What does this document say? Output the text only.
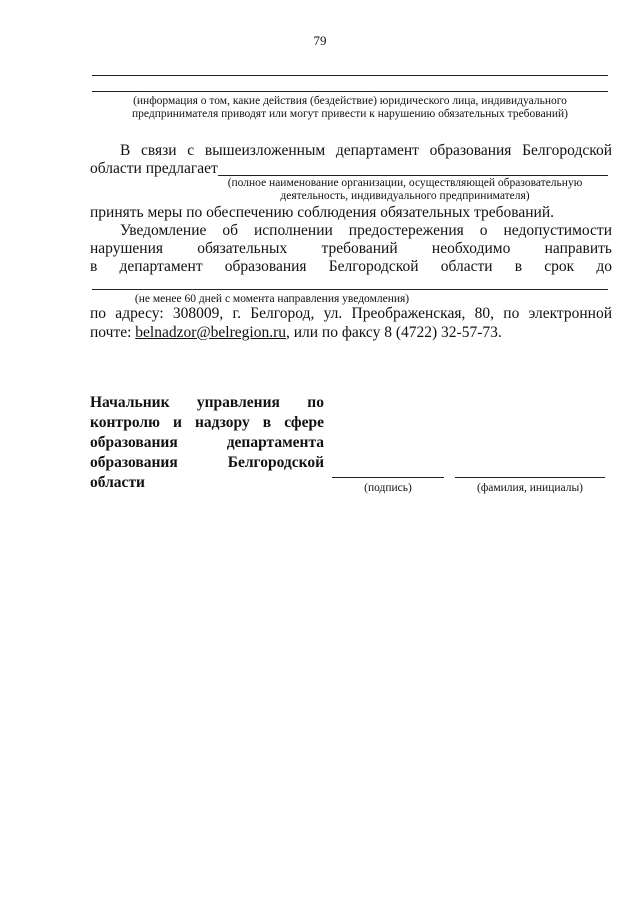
79
(информация о том, какие действия (бездействие) юридического лица, индивидуального
предпринимателя приводят или могут привести к нарушению обязательных требований)
В связи с вышеизложенным департамент образования Белгородской
области предлагает
(полное наименование организации, осуществляющей образовательную
деятельность, индивидуального предпринимателя)
принять меры по обеспечению соблюдения обязательных требований.
Уведомление об исполнении предостережения о недопустимости
нарушения обязательных требований необходимо направить
в департамент образования Белгородской области в срок до
(не менее 60 дней с момента направления уведомления)
по адресу: 308009, г. Белгород, ул. Преображенская, 80, по электронной
почте: belnadzor@belregion.ru, или по факсу 8 (4722) 32-57-73.
Начальник управления по
контролю и надзору в сфере
образования	департамента
образования	Белгородской
области	(подпись)	(фамилия, инициалы)
